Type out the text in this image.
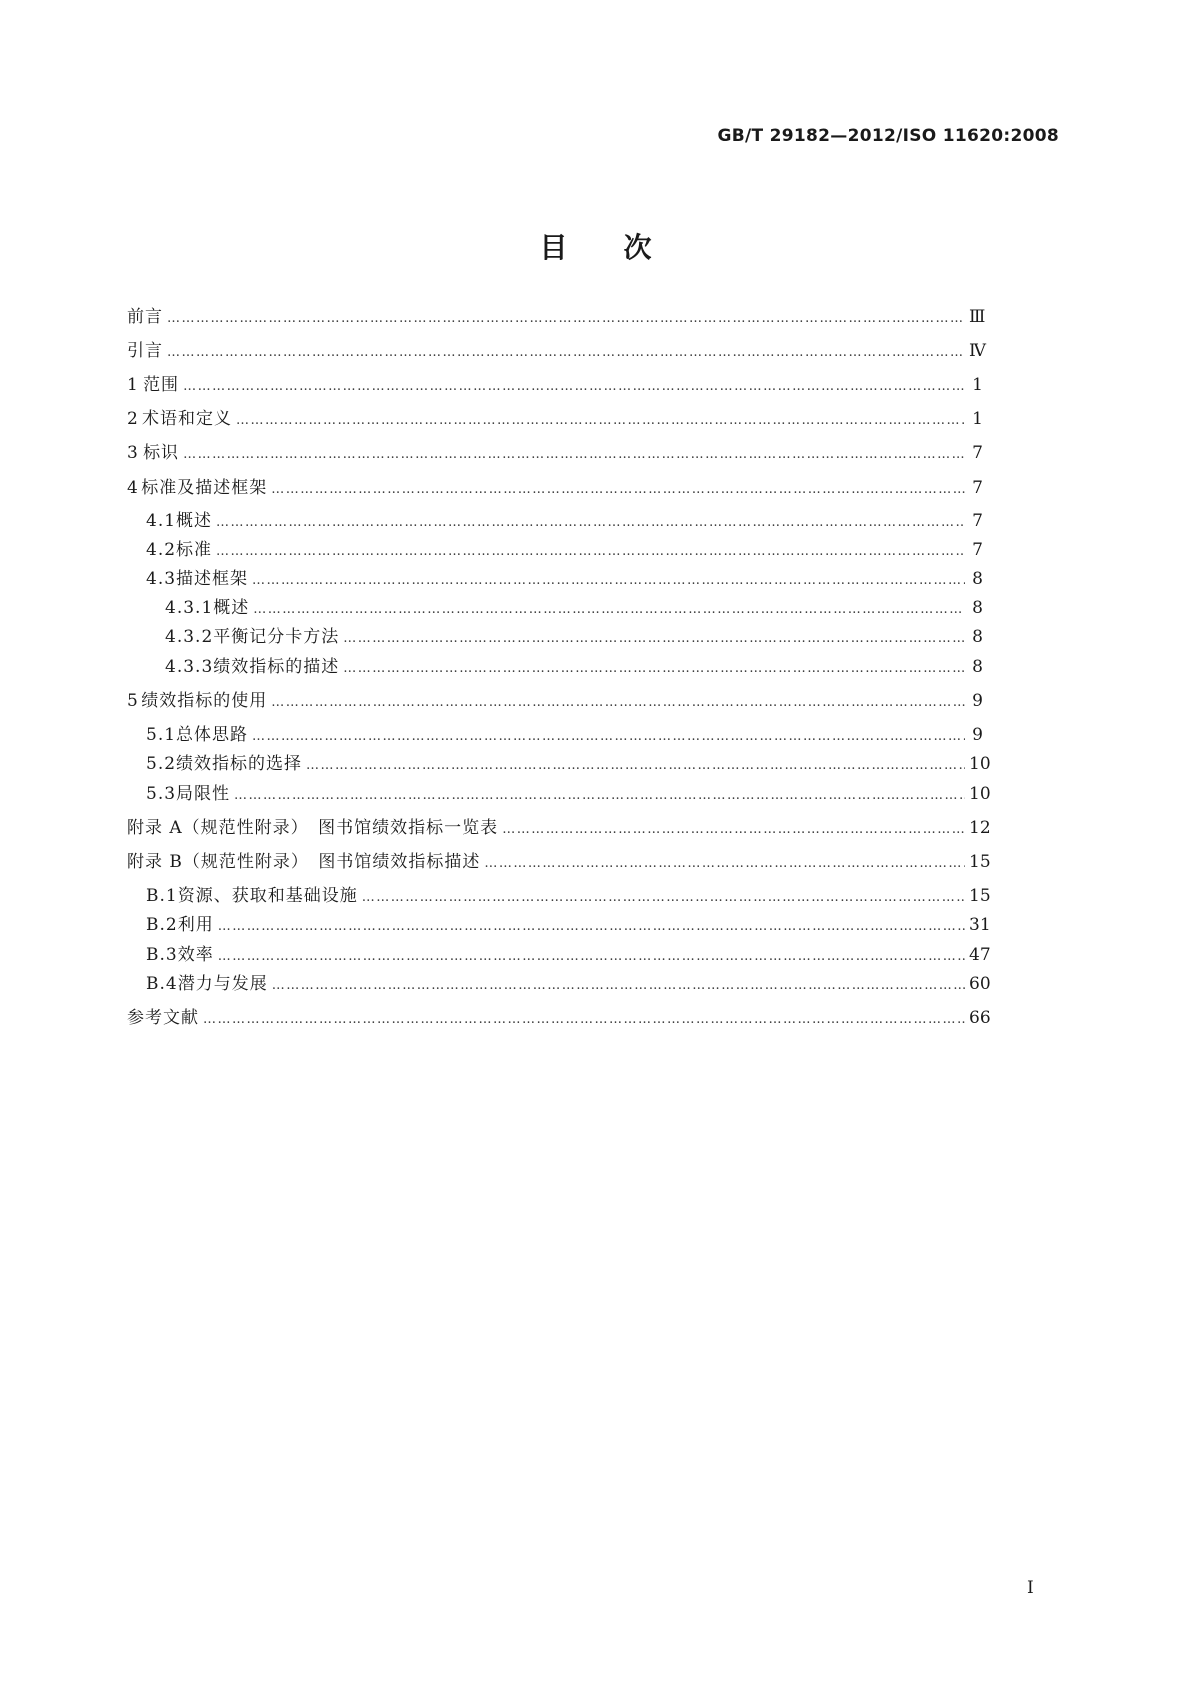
GB/T 29182—2012/ISO 11620:2008
目次
前言 …………………………………………………………………………………………………………………………………………………………………………………………………………………………………………………………	Ⅲ
引言 …………………………………………………………………………………………………………………………………………………………………………………………………………………………………………………………	Ⅳ
1 范围 …………………………………………………………………………………………………………………………………………………………………………………………………………………………………………………………	1
2 术语和定义 …………………………………………………………………………………………………………………………………………………………………………………………………………………………………………………………	1
3 标识 …………………………………………………………………………………………………………………………………………………………………………………………………………………………………………………………	7
4 标准及描述框架 …………………………………………………………………………………………………………………………………………………………………………………………………………………………………………………………	7
4.1 概述 …………………………………………………………………………………………………………………………………………………………………………………………………………………………………………………………	7
4.2 标准 …………………………………………………………………………………………………………………………………………………………………………………………………………………………………………………………	7
4.3 描述框架 …………………………………………………………………………………………………………………………………………………………………………………………………………………………………………………………	8
4.3.1 概述 …………………………………………………………………………………………………………………………………………………………………………………………………………………………………………………………	8
4.3.2 平衡记分卡方法 …………………………………………………………………………………………………………………………………………………………………………………………………………………………………………………………	8
4.3.3 绩效指标的描述 …………………………………………………………………………………………………………………………………………………………………………………………………………………………………………………………	8
5 绩效指标的使用 …………………………………………………………………………………………………………………………………………………………………………………………………………………………………………………………	9
5.1 总体思路 …………………………………………………………………………………………………………………………………………………………………………………………………………………………………………………………	9
5.2 绩效指标的选择 …………………………………………………………………………………………………………………………………………………………………………………………………………………………………………………………	10
5.3 局限性 …………………………………………………………………………………………………………………………………………………………………………………………………………………………………………………………	10
附录 A（规范性附录）　图书馆绩效指标一览表 …………………………………………………………………………………………………………………………………………………………………………………………………………………………………………………………	12
附录 B（规范性附录）　图书馆绩效指标描述 …………………………………………………………………………………………………………………………………………………………………………………………………………………………………………………………	15
B.1 资源、获取和基础设施 …………………………………………………………………………………………………………………………………………………………………………………………………………………………………………………………	15
B.2 利用 …………………………………………………………………………………………………………………………………………………………………………………………………………………………………………………………	31
B.3 效率 …………………………………………………………………………………………………………………………………………………………………………………………………………………………………………………………	47
B.4 潜力与发展 …………………………………………………………………………………………………………………………………………………………………………………………………………………………………………………………	60
参考文献 …………………………………………………………………………………………………………………………………………………………………………………………………………………………………………………………	66
Ⅰ
